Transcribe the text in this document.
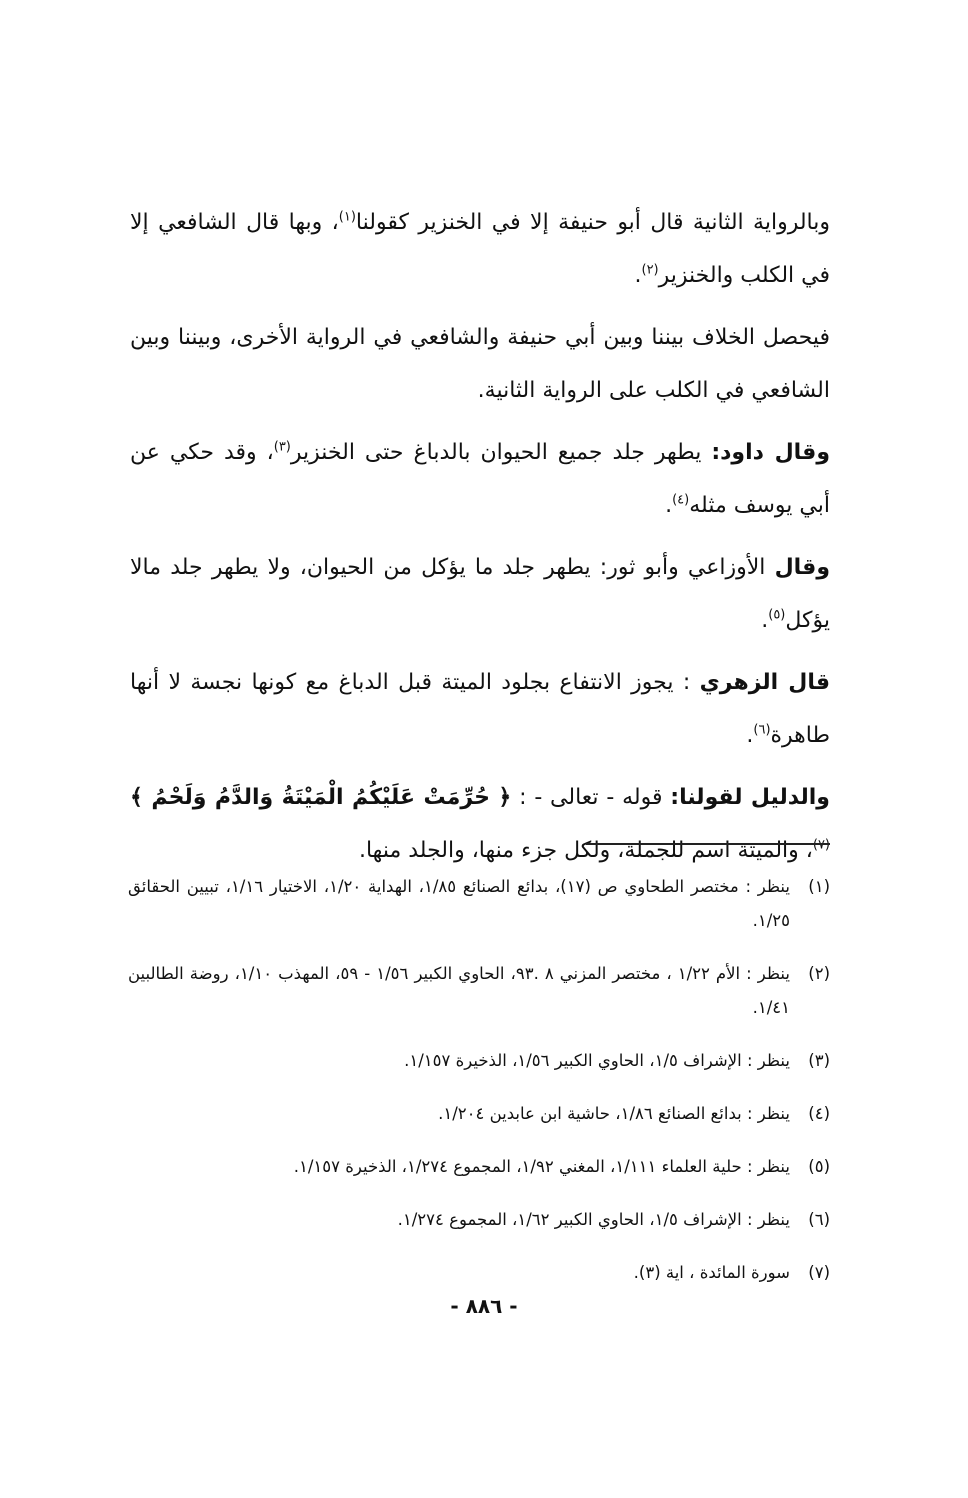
وبالرواية الثانية قال أبو حنيفة إلا في الخنزير كقولنا$^{(١)}$، وبها قال الشافعي إلا في الكلب والخنزير$^{(٢)}$.

فيحصل الخلاف بيننا وبين أبي حنيفة والشافعي في الرواية الأخرى، وبيننا وبين الشافعي في الكلب على الرواية الثانية.

وقال داود: يطهر جلد جميع الحيوان بالدباغ حتى الخنزير$^{(٣)}$، وقد حكي عن أبي يوسف مثله$^{(٤)}$.

وقال الأوزاعي وأبو ثور: يطهر جلد ما يؤكل من الحيوان، ولا يطهر جلد مالا يؤكل$^{(٥)}$.

قال الزهري : يجوز الانتفاع بجلود الميتة قبل الدباغ مع كونها نجسة لا أنها طاهرة$^{(٦)}$.

والدليل لقولنا: قوله - تعالى - : ﴿ حُرِّمَتْ عَلَيْكُمُ الْمَيْتَةُ وَالدَّمُ وَلَحْمُ ﴾$^{(٧)}$، والميتة اسم للجملة، ولكل جزء منها، والجلد منها.

(١)
ينظر : مختصر الطحاوي ص (١٧)، بدائع الصنائع ١/٨٥، الهداية ١/٢٠، الاختيار ١/١٦، تبيين الحقائق ١/٢٥.
(٢)
ينظر : الأم ١/٢٢ ، مختصر المزني ٨ .٩٣، الحاوي الكبير ١/٥٦ - ٥٩، المهذب ١/١٠، روضة الطالبين ١/٤١.
(٣)
ينظر : الإشراف ١/٥، الحاوي الكبير ١/٥٦، الذخيرة ١/١٥٧.
(٤)
ينظر : بدائع الصنائع ١/٨٦، حاشية ابن عابدين ١/٢٠٤.
(٥)
ينظر : حلية العلماء ١/١١١، المغني ١/٩٢، المجموع ١/٢٧٤، الذخيرة ١/١٥٧.
(٦)
ينظر : الإشراف ١/٥، الحاوي الكبير ١/٦٢، المجموع ١/٢٧٤.
(٧)
سورة المائدة ، اية (٣).
- ٨٨٦ -
